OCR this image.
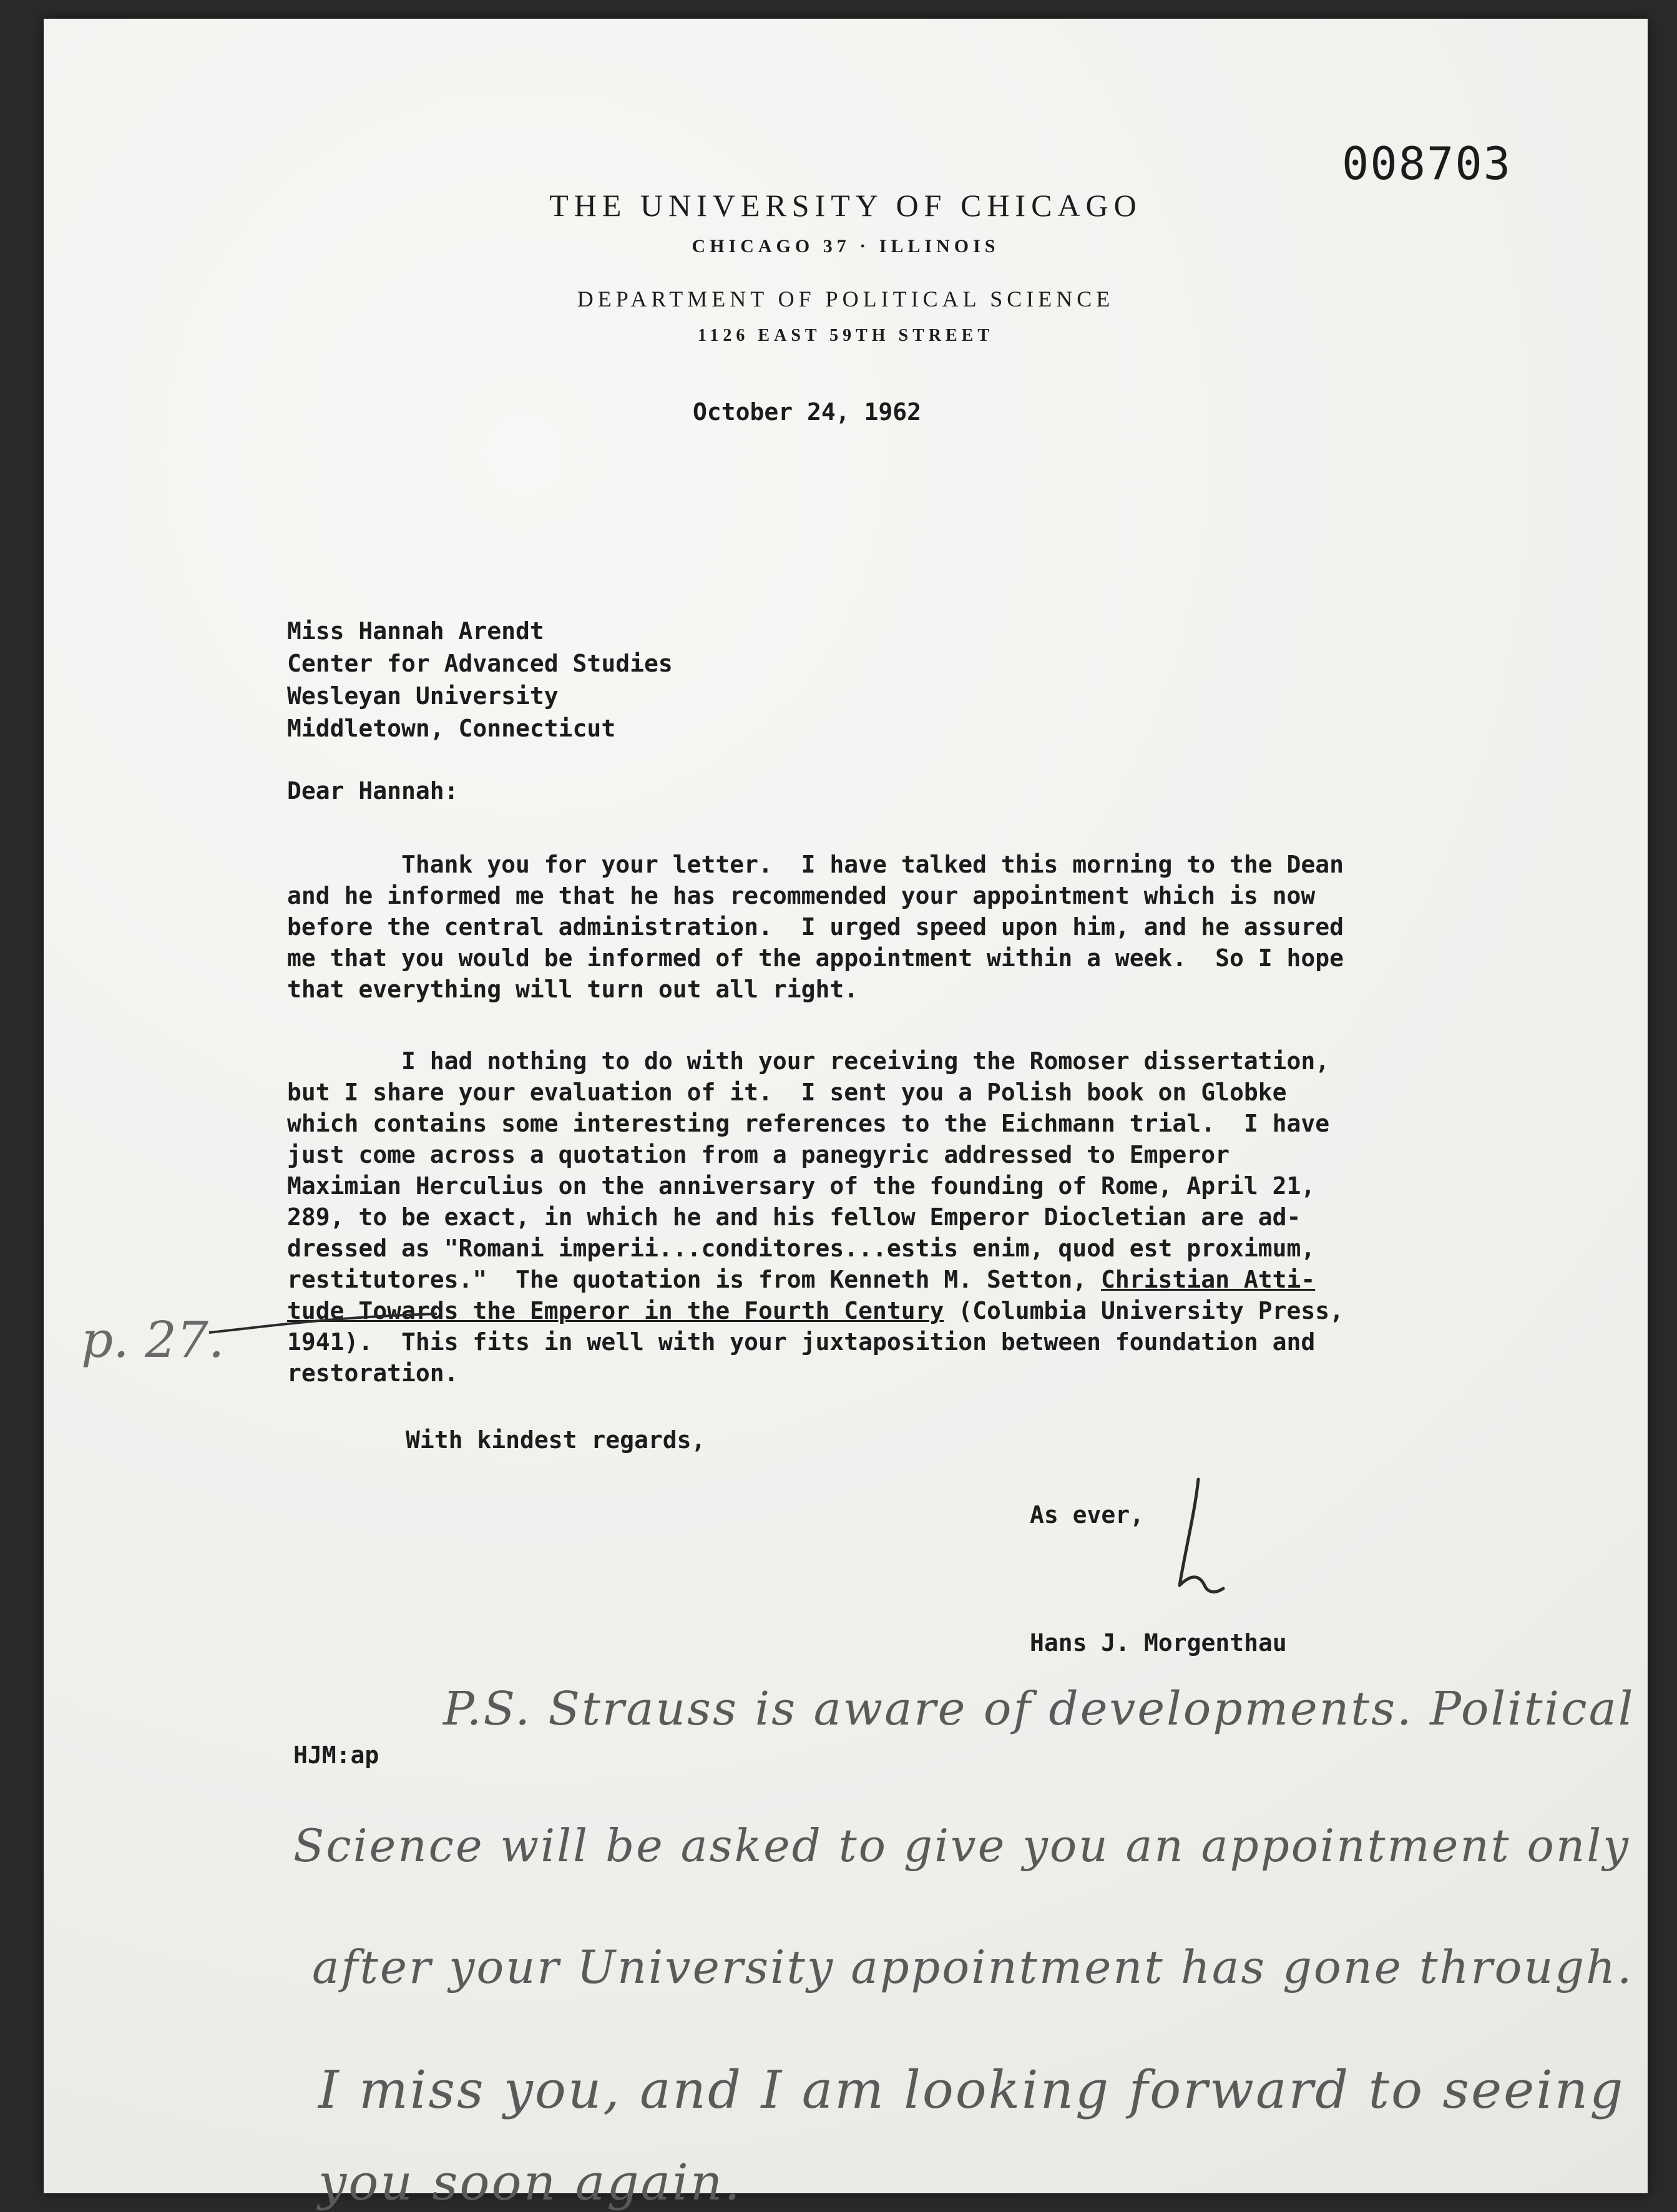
008703
THE UNIVERSITY OF CHICAGO
CHICAGO 37 · ILLINOIS
DEPARTMENT OF POLITICAL SCIENCE
1126 EAST 59TH STREET
October 24, 1962
Miss Hannah Arendt
Center for Advanced Studies
Wesleyan University
Middletown, Connecticut
Dear Hannah:
Thank you for your letter.  I have talked this morning to the Dean
and he informed me that he has recommended your appointment which is now
before the central administration.  I urged speed upon him, and he assured
me that you would be informed of the appointment within a week.  So I hope
that everything will turn out all right.
I had nothing to do with your receiving the Romoser dissertation,
but I share your evaluation of it.  I sent you a Polish book on Globke
which contains some interesting references to the Eichmann trial.  I have
just come across a quotation from a panegyric addressed to Emperor
Maximian Herculius on the anniversary of the founding of Rome, April 21,
289, to be exact, in which he and his fellow Emperor Diocletian are ad-
dressed as "Romani imperii...conditores...estis enim, quod est proximum,
restitutores."  The quotation is from Kenneth M. Setton, Christian Atti-
tude Towards the Emperor in the Fourth Century (Columbia University Press,
1941).  This fits in well with your juxtaposition between foundation and
restoration.
With kindest regards,
As ever,
Hans J. Morgenthau
HJM:ap
p. 27.
P.S. Strauss is aware of developments. Political
Science will be asked to give you an appointment only
after your University appointment has gone through.
I miss you, and I am looking forward to seeing
you soon again.
